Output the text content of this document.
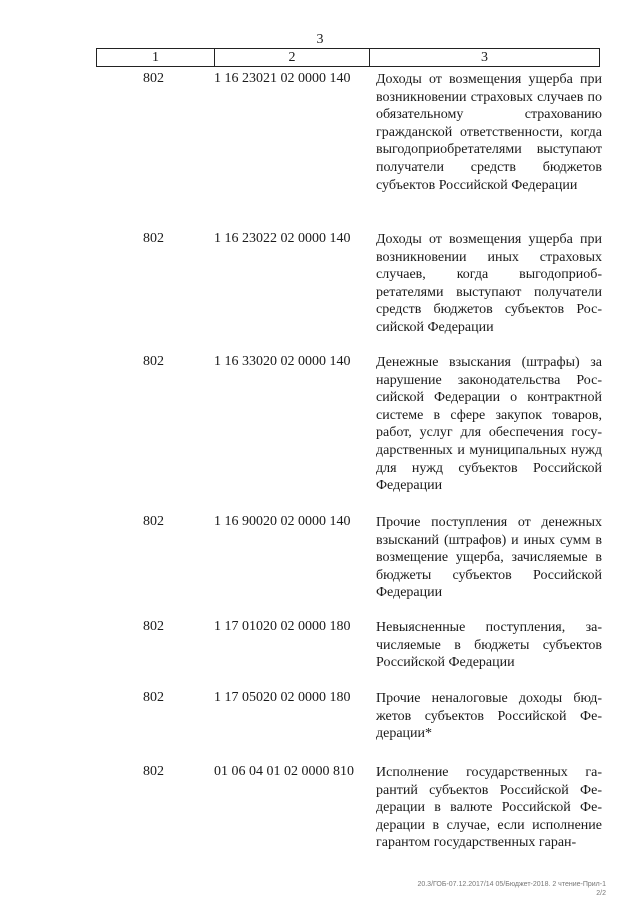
3
1	2	3
802	1 16 23021 02 0000 140 Доходы от возмещения ущерба при возникновении страховых случаев по обязательному страхованию гражданской ответственности, когда выгодоприобретателями выступают получатели средств бюджетов субъектов Российской Федерации
802	1 16 23022 02 0000 140 Доходы от возмещения ущерба при возникновении иных страховых случаев, когда выгодоприобретателями выступают получатели средств бюджетов субъектов Российской Федерации
802	1 16 33020 02 0000 140 Денежные взыскания (штрафы) за нарушение законодательства Российской Федерации о контрактной системе в сфере закупок товаров, работ, услуг для обеспечения государственных и муниципальных нужд для нужд субъектов Российской Федерации
802	1 16 90020 02 0000 140 Прочие поступления от денежных взысканий (штрафов) и иных сумм в возмещение ущерба, зачисляемые в бюджеты субъектов Российской Федерации
802	1 17 01020 02 0000 180 Невыясненные поступления, зачисляемые в бюджеты субъектов Российской Федерации
802	1 17 05020 02 0000 180 Прочие неналоговые доходы бюджетов субъектов Российской Федерации*
802	01 06 04 01 02 0000 810 Исполнение государственных гарантий субъектов Российской Федерации в валюте Российской Федерации в случае, если исполнение гарантом государственных гаран-
20.3/ГОБ-07.12.2017/14 05/Бюджет-2018. 2 чтение-Прил-1
2/2
